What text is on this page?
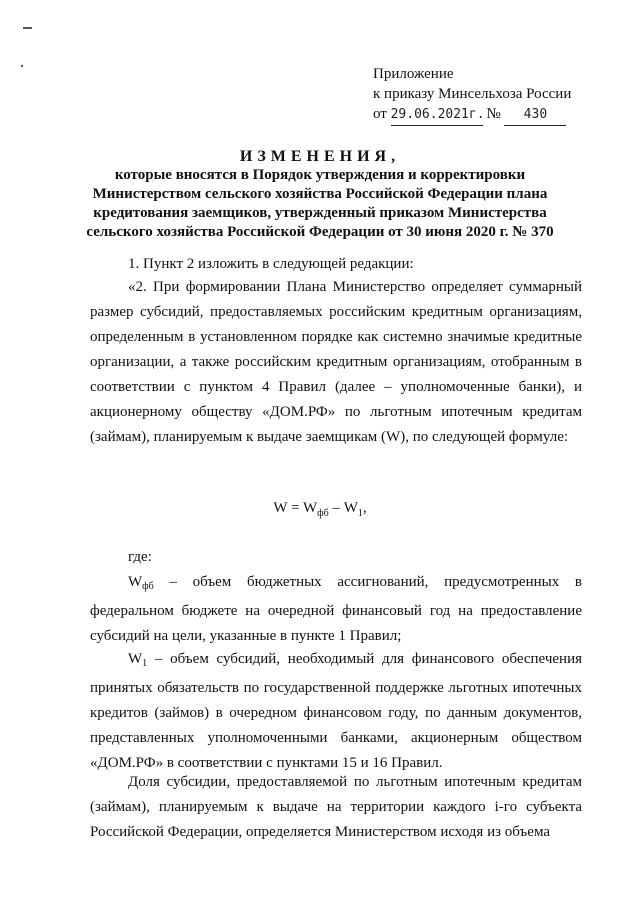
Приложение
к приказу Минсельхоза России
от 29.06.2021г. № 430
ИЗМЕНЕНИЯ,
которые вносятся в Порядок утверждения и корректировки
Министерством сельского хозяйства Российской Федерации плана
кредитования заемщиков, утвержденный приказом Министерства
сельского хозяйства Российской Федерации от 30 июня 2020 г. № 370

1. Пункт 2 изложить в следующей редакции:

«2. При формировании Плана Министерство определяет суммарный размер субсидий, предоставляемых российским кредитным организациям, определенным в установленном порядке как системно значимые кредитные организации, а также российским кредитным организациям, отобранным в соответствии с пунктом 4 Правил (далее – уполномоченные банки), и акционерному обществу «ДОМ.РФ» по льготным ипотечным кредитам (займам), планируемым к выдаче заемщикам (W), по следующей формуле:

$W = W_{фб} - W_1$,

где:

$W_{фб}$ – объем бюджетных ассигнований, предусмотренных в федеральном бюджете на очередной финансовый год на предоставление субсидий на цели, указанные в пункте 1 Правил;

$W_1$ – объем субсидий, необходимый для финансового обеспечения принятых обязательств по государственной поддержке льготных ипотечных кредитов (займов) в очередном финансовом году, по данным документов, представленных уполномоченными банками, акционерным обществом «ДОМ.РФ» в соответствии с пунктами 15 и 16 Правил.

Доля субсидии, предоставляемой по льготным ипотечным кредитам (займам), планируемым к выдаче на территории каждого i-го субъекта Российской Федерации, определяется Министерством исходя из объема
